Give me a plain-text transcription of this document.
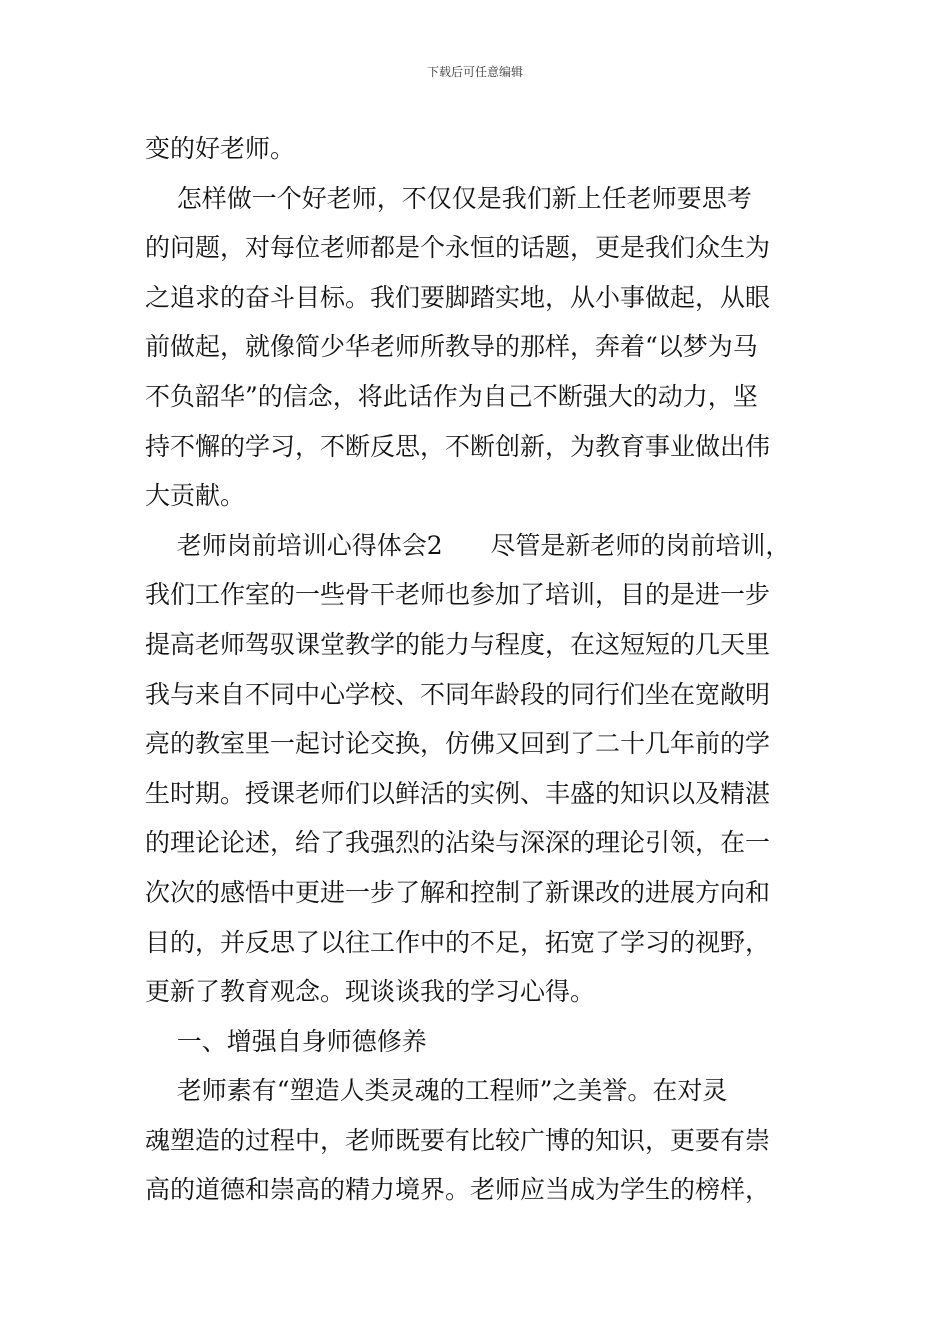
下载后可任意编辑
变的好老师。
怎样做一个好老师，不仅仅是我们新上任老师要思考
的问题，对每位老师都是个永恒的话题，更是我们众生为
之追求的奋斗目标。我们要脚踏实地，从小事做起，从眼
前做起，就像简少华老师所教导的那样，奔着“以梦为马
不负韶华”的信念，将此话作为自己不断强大的动力，坚
持不懈的学习，不断反思，不断创新，为教育事业做出伟
大贡献。
老师岗前培训心得体会2      尽管是新老师的岗前培训，
我们工作室的一些骨干老师也参加了培训，目的是进一步
提高老师驾驭课堂教学的能力与程度，在这短短的几天里
我与来自不同中心学校、不同年龄段的同行们坐在宽敞明
亮的教室里一起讨论交换，仿佛又回到了二十几年前的学
生时期。授课老师们以鲜活的实例、丰盛的知识以及精湛
的理论论述，给了我强烈的沾染与深深的理论引领，在一
次次的感悟中更进一步了解和控制了新课改的进展方向和
目的，并反思了以往工作中的不足，拓宽了学习的视野，
更新了教育观念。现谈谈我的学习心得。
一、增强自身师德修养
老师素有“塑造人类灵魂的工程师”之美誉。在对灵
魂塑造的过程中，老师既要有比较广博的知识，更要有崇
高的道德和崇高的精力境界。老师应当成为学生的榜样，
